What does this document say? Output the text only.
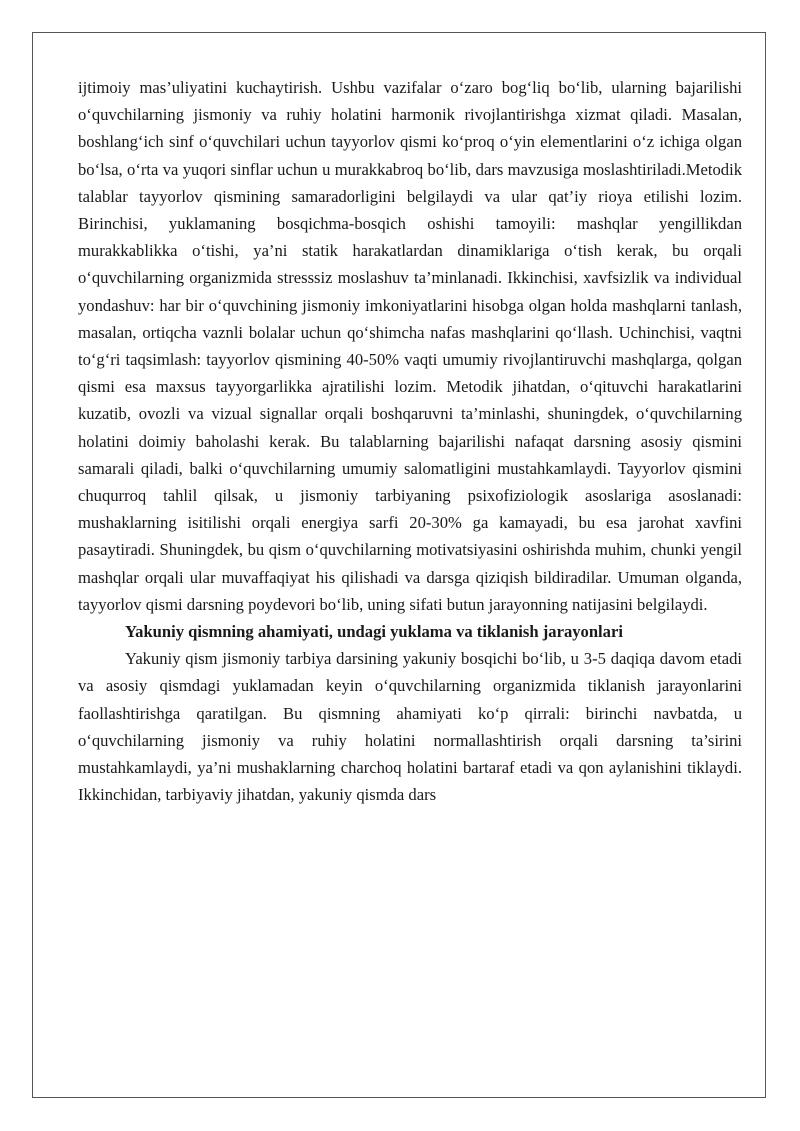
ijtimoiy mas’uliyatini kuchaytirish. Ushbu vazifalar o‘zaro bog‘liq bo‘lib, ularning bajarilishi o‘quvchilarning jismoniy va ruhiy holatini harmonik rivojlantirishga xizmat qiladi. Masalan, boshlang‘ich sinf o‘quvchilari uchun tayyorlov qismi ko‘proq o‘yin elementlarini o‘z ichiga olgan bo‘lsa, o‘rta va yuqori sinflar uchun u murakkabroq bo‘lib, dars mavzusiga moslashtiriladi.Metodik talablar tayyorlov qismining samaradorligini belgilaydi va ular qat’iy rioya etilishi lozim. Birinchisi, yuklamaning bosqichma-bosqich oshishi tamoyili: mashqlar yengillikdan murakkablikka o‘tishi, ya’ni statik harakatlardan dinamiklariga o‘tish kerak, bu orqali o‘quvchilarning organizmida stresssiz moslashuv ta’minlanadi. Ikkinchisi, xavfsizlik va individual yondashuv: har bir o‘quvchining jismoniy imkoniyatlarini hisobga olgan holda mashqlarni tanlash, masalan, ortiqcha vaznli bolalar uchun qo‘shimcha nafas mashqlarini qo‘llash. Uchinchisi, vaqtni to‘g‘ri taqsimlash: tayyorlov qismining 40-50% vaqti umumiy rivojlantiruvchi mashqlarga, qolgan qismi esa maxsus tayyorgarlikka ajratilishi lozim. Metodik jihatdan, o‘qituvchi harakatlarini kuzatib, ovozli va vizual signallar orqali boshqaruvni ta’minlashi, shuningdek, o‘quvchilarning holatini doimiy baholashi kerak. Bu talablarning bajarilishi nafaqat darsning asosiy qismini samarali qiladi, balki o‘quvchilarning umumiy salomatligini mustahkamlaydi. Tayyorlov qismini chuqurroq tahlil qilsak, u jismoniy tarbiyaning psixofiziologik asoslariga asoslanadi: mushaklarning isitilishi orqali energiya sarfi 20-30% ga kamayadi, bu esa jarohat xavfini pasaytiradi. Shuningdek, bu qism o‘quvchilarning motivatsiyasini oshirishda muhim, chunki yengil mashqlar orqali ular muvaffaqiyat his qilishadi va darsga qiziqish bildiradilar. Umuman olganda, tayyorlov qismi darsning poydevori bo‘lib, uning sifati butun jarayonning natijasini belgilaydi.

Yakuniy qismning ahamiyati, undagi yuklama va tiklanish jarayonlari

Yakuniy qism jismoniy tarbiya darsining yakuniy bosqichi bo‘lib, u 3-5 daqiqa davom etadi va asosiy qismdagi yuklamadan keyin o‘quvchilarning organizmida tiklanish jarayonlarini faollashtirishga qaratilgan. Bu qismning ahamiyati ko‘p qirrali: birinchi navbatda, u o‘quvchilarning jismoniy va ruhiy holatini normallashtirish orqali darsning ta’sirini mustahkamlaydi, ya’ni mushaklarning charchoq holatini bartaraf etadi va qon aylanishini tiklaydi. Ikkinchidan, tarbiyaviy jihatdan, yakuniy qismda dars
